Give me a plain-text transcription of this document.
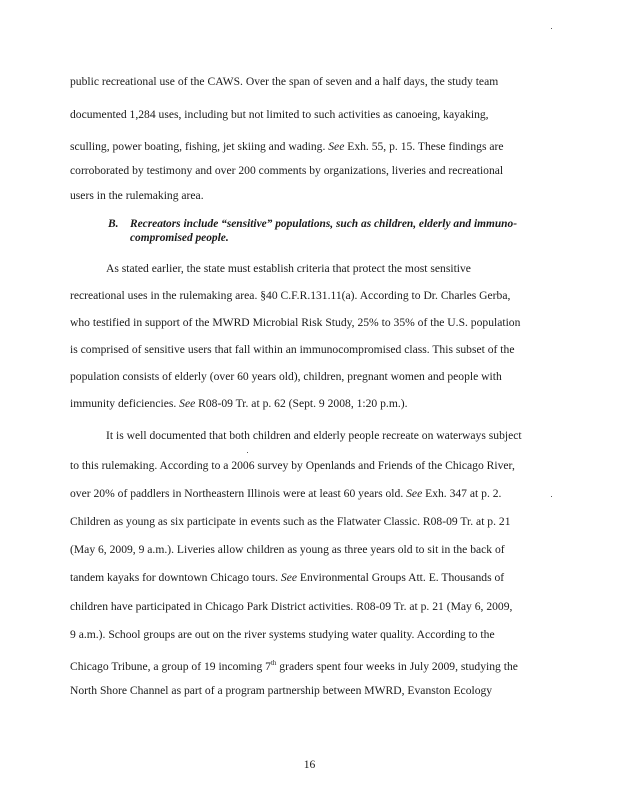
public recreational use of the CAWS. Over the span of seven and a half days, the study team
documented 1,284 uses, including but not limited to such activities as canoeing, kayaking,
sculling, power boating, fishing, jet skiing and wading. See Exh. 55, p. 15. These findings are
corroborated by testimony and over 200 comments by organizations, liveries and recreational
users in the rulemaking area.
B.	Recreators include “sensitive” populations, such as children, elderly and immuno-
compromised people.
As stated earlier, the state must establish criteria that protect the most sensitive
recreational uses in the rulemaking area. §40 C.F.R.131.11(a). According to Dr. Charles Gerba,
who testified in support of the MWRD Microbial Risk Study, 25% to 35% of the U.S. population
is comprised of sensitive users that fall within an immunocompromised class. This subset of the
population consists of elderly (over 60 years old), children, pregnant women and people with
immunity deficiencies. See R08-09 Tr. at p. 62 (Sept. 9 2008, 1:20 p.m.).
It is well documented that both children and elderly people recreate on waterways subject
to this rulemaking. According to a 2006 survey by Openlands and Friends of the Chicago River,
over 20% of paddlers in Northeastern Illinois were at least 60 years old. See Exh. 347 at p. 2.
Children as young as six participate in events such as the Flatwater Classic. R08-09 Tr. at p. 21
(May 6, 2009, 9 a.m.). Liveries allow children as young as three years old to sit in the back of
tandem kayaks for downtown Chicago tours. See Environmental Groups Att. E. Thousands of
children have participated in Chicago Park District activities. R08-09 Tr. at p. 21 (May 6, 2009,
9 a.m.). School groups are out on the river systems studying water quality. According to the
Chicago Tribune, a group of 19 incoming 7th graders spent four weeks in July 2009, studying the
North Shore Channel as part of a program partnership between MWRD, Evanston Ecology
16
